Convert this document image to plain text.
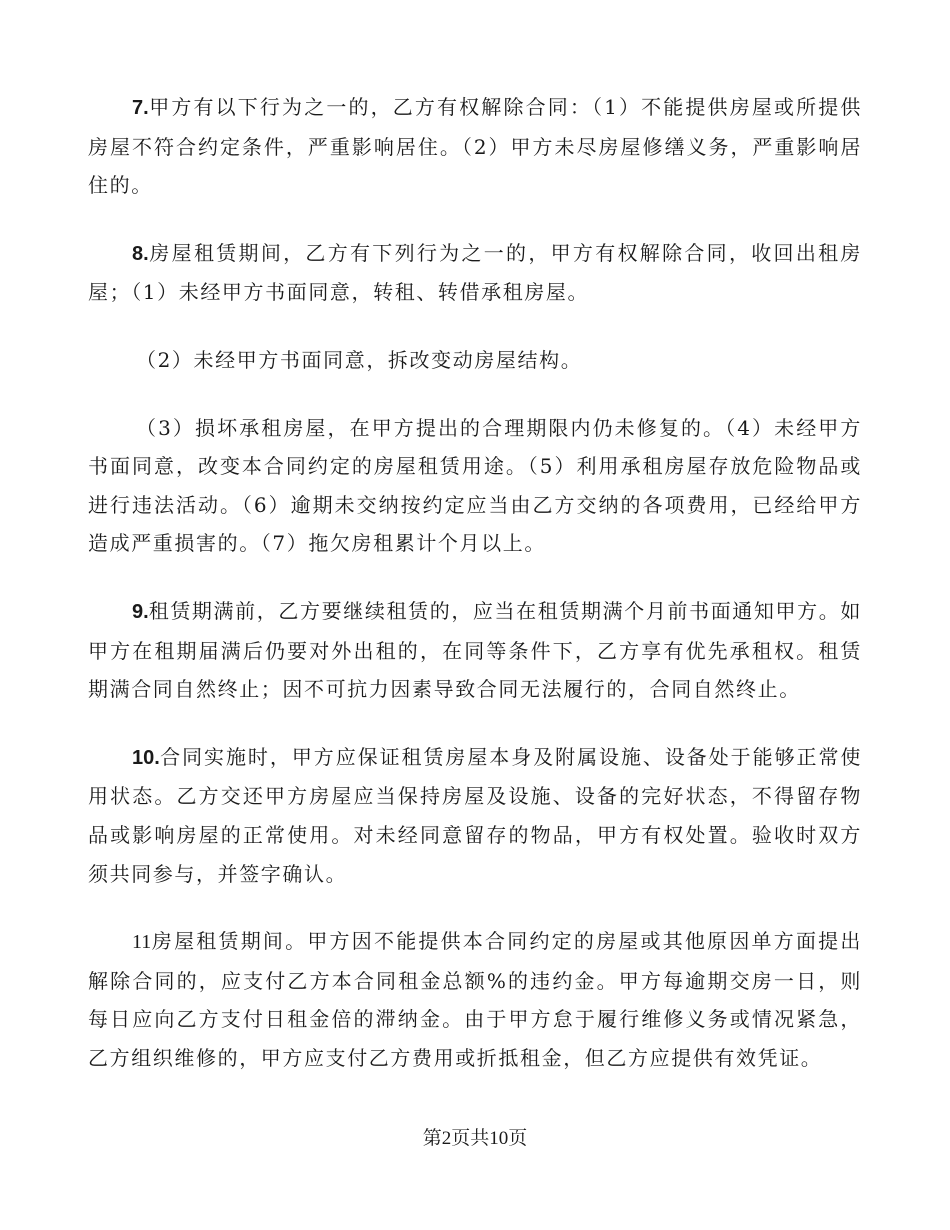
7.甲方有以下行为之一的，乙方有权解除合同：（1）不能提供房屋或所提供房屋不符合约定条件，严重影响居住。（2）甲方未尽房屋修缮义务，严重影响居住的。

8.房屋租赁期间，乙方有下列行为之一的，甲方有权解除合同，收回出租房屋；（1）未经甲方书面同意，转租、转借承租房屋。

（2）未经甲方书面同意，拆改变动房屋结构。

（3）损坏承租房屋，在甲方提出的合理期限内仍未修复的。（4）未经甲方书面同意，改变本合同约定的房屋租赁用途。（5）利用承租房屋存放危险物品或进行违法活动。（6）逾期未交纳按约定应当由乙方交纳的各项费用，已经给甲方造成严重损害的。（7）拖欠房租累计个月以上。

9.租赁期满前，乙方要继续租赁的，应当在租赁期满个月前书面通知甲方。如甲方在租期届满后仍要对外出租的，在同等条件下，乙方享有优先承租权。租赁期满合同自然终止；因不可抗力因素导致合同无法履行的，合同自然终止。

10.合同实施时，甲方应保证租赁房屋本身及附属设施、设备处于能够正常使用状态。乙方交还甲方房屋应当保持房屋及设施、设备的完好状态，不得留存物品或影响房屋的正常使用。对未经同意留存的物品，甲方有权处置。验收时双方须共同参与，并签字确认。

11房屋租赁期间。甲方因不能提供本合同约定的房屋或其他原因单方面提出解除合同的，应支付乙方本合同租金总额%的违约金。甲方每逾期交房一日，则每日应向乙方支付日租金倍的滞纳金。由于甲方怠于履行维修义务或情况紧急，乙方组织维修的，甲方应支付乙方费用或折抵租金，但乙方应提供有效凭证。

第2页共10页
